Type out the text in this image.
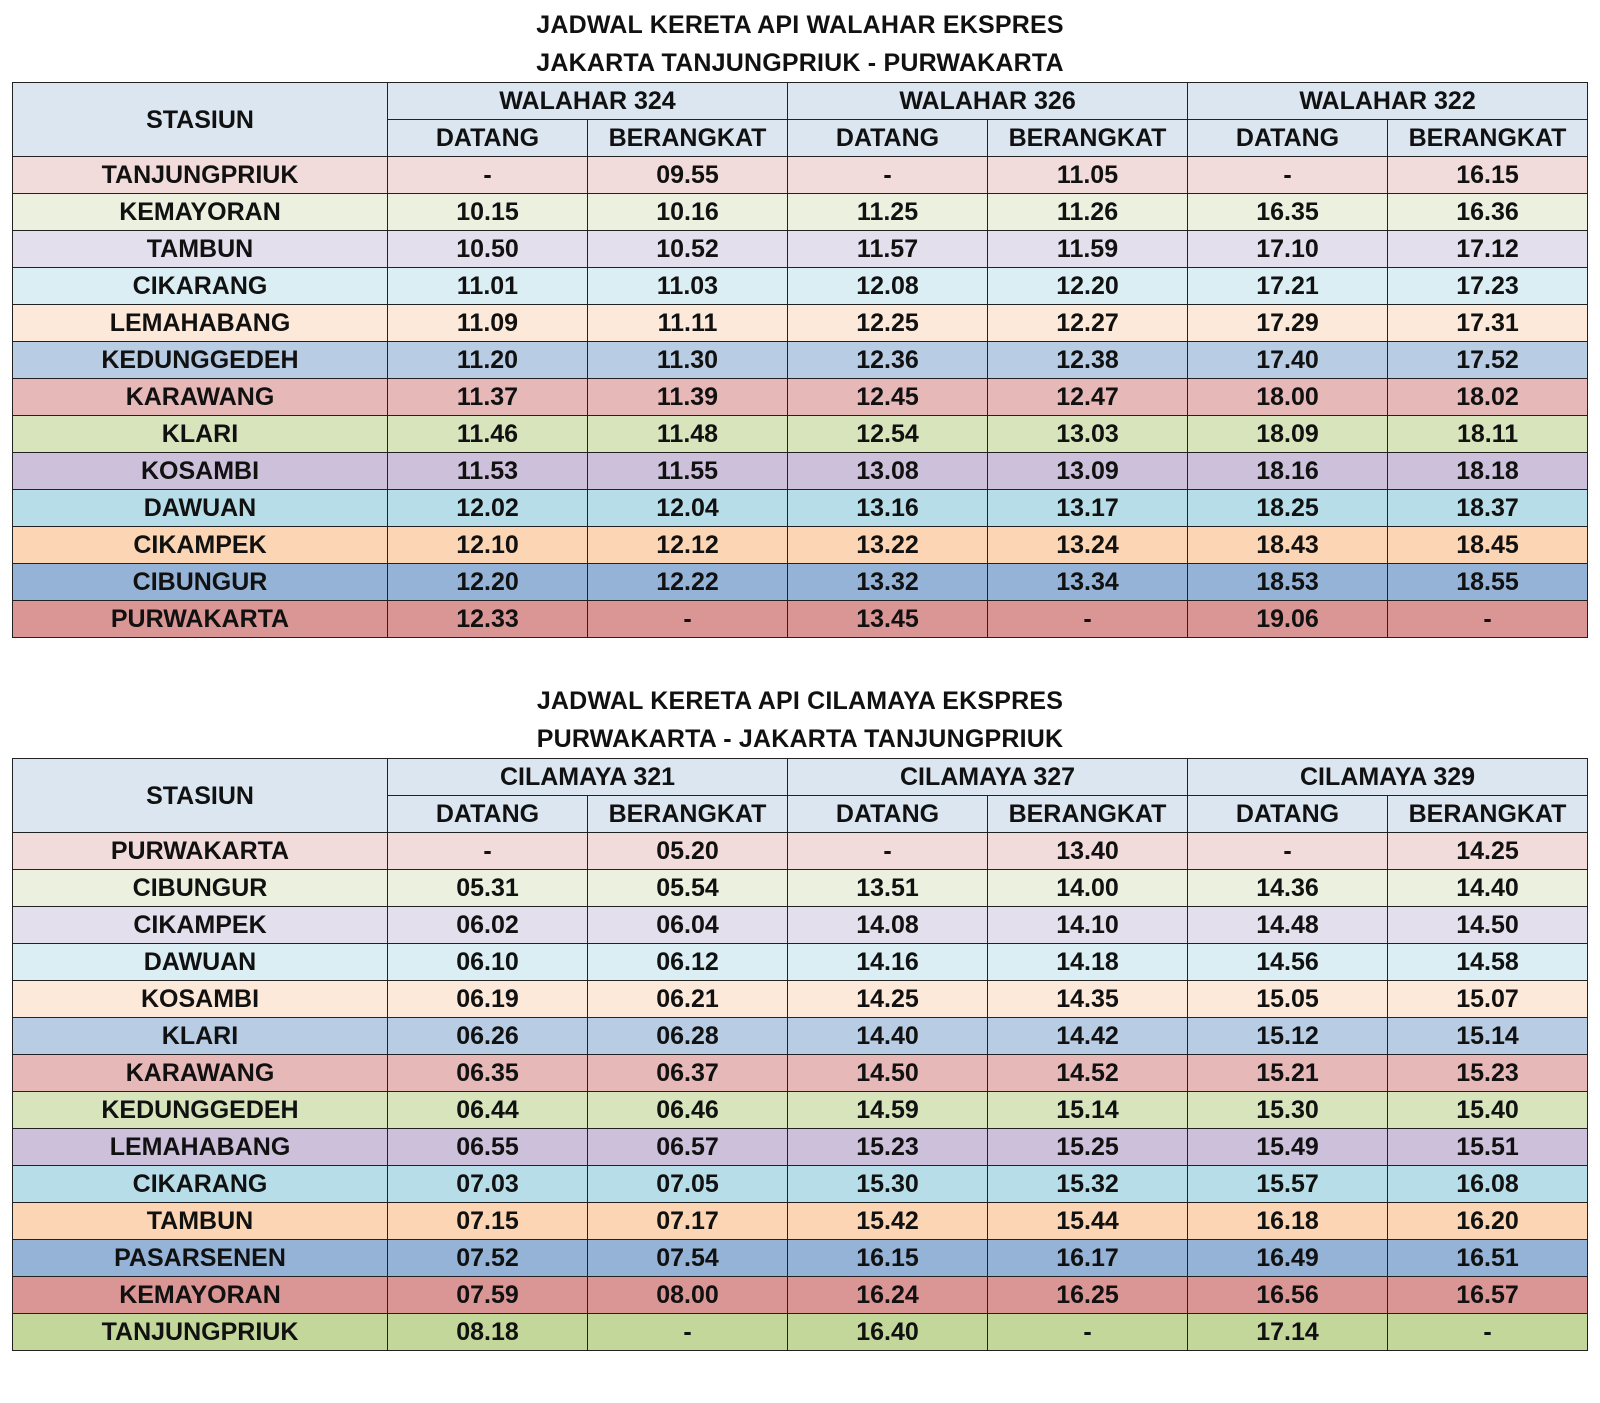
JADWAL KERETA API WALAHAR EKSPRES
JAKARTA TANJUNGPRIUK - PURWAKARTA
STASIUN	WALAHAR 324		WALAHAR 326		WALAHAR 322	
	DATANG	BERANGKAT	DATANG	BERANGKAT	DATANG	BERANGKAT
TANJUNGPRIUK	-	09.55	-	11.05	-	16.15
KEMAYORAN	10.15	10.16	11.25	11.26	16.35	16.36
TAMBUN	10.50	10.52	11.57	11.59	17.10	17.12
CIKARANG	11.01	11.03	12.08	12.20	17.21	17.23
LEMAHABANG	11.09	11.11	12.25	12.27	17.29	17.31
KEDUNGGEDEH	11.20	11.30	12.36	12.38	17.40	17.52
KARAWANG	11.37	11.39	12.45	12.47	18.00	18.02
KLARI	11.46	11.48	12.54	13.03	18.09	18.11
KOSAMBI	11.53	11.55	13.08	13.09	18.16	18.18
DAWUAN	12.02	12.04	13.16	13.17	18.25	18.37
CIKAMPEK	12.10	12.12	13.22	13.24	18.43	18.45
CIBUNGUR	12.20	12.22	13.32	13.34	18.53	18.55
PURWAKARTA	12.33	-	13.45	-	19.06	-
JADWAL KERETA API CILAMAYA EKSPRES
PURWAKARTA - JAKARTA TANJUNGPRIUK
STASIUN	CILAMAYA 321		CILAMAYA 327		CILAMAYA 329	
	DATANG	BERANGKAT	DATANG	BERANGKAT	DATANG	BERANGKAT
PURWAKARTA	-	05.20	-	13.40	-	14.25
CIBUNGUR	05.31	05.54	13.51	14.00	14.36	14.40
CIKAMPEK	06.02	06.04	14.08	14.10	14.48	14.50
DAWUAN	06.10	06.12	14.16	14.18	14.56	14.58
KOSAMBI	06.19	06.21	14.25	14.35	15.05	15.07
KLARI	06.26	06.28	14.40	14.42	15.12	15.14
KARAWANG	06.35	06.37	14.50	14.52	15.21	15.23
KEDUNGGEDEH	06.44	06.46	14.59	15.14	15.30	15.40
LEMAHABANG	06.55	06.57	15.23	15.25	15.49	15.51
CIKARANG	07.03	07.05	15.30	15.32	15.57	16.08
TAMBUN	07.15	07.17	15.42	15.44	16.18	16.20
PASARSENEN	07.52	07.54	16.15	16.17	16.49	16.51
KEMAYORAN	07.59	08.00	16.24	16.25	16.56	16.57
TANJUNGPRIUK	08.18	-	16.40	-	17.14	-
